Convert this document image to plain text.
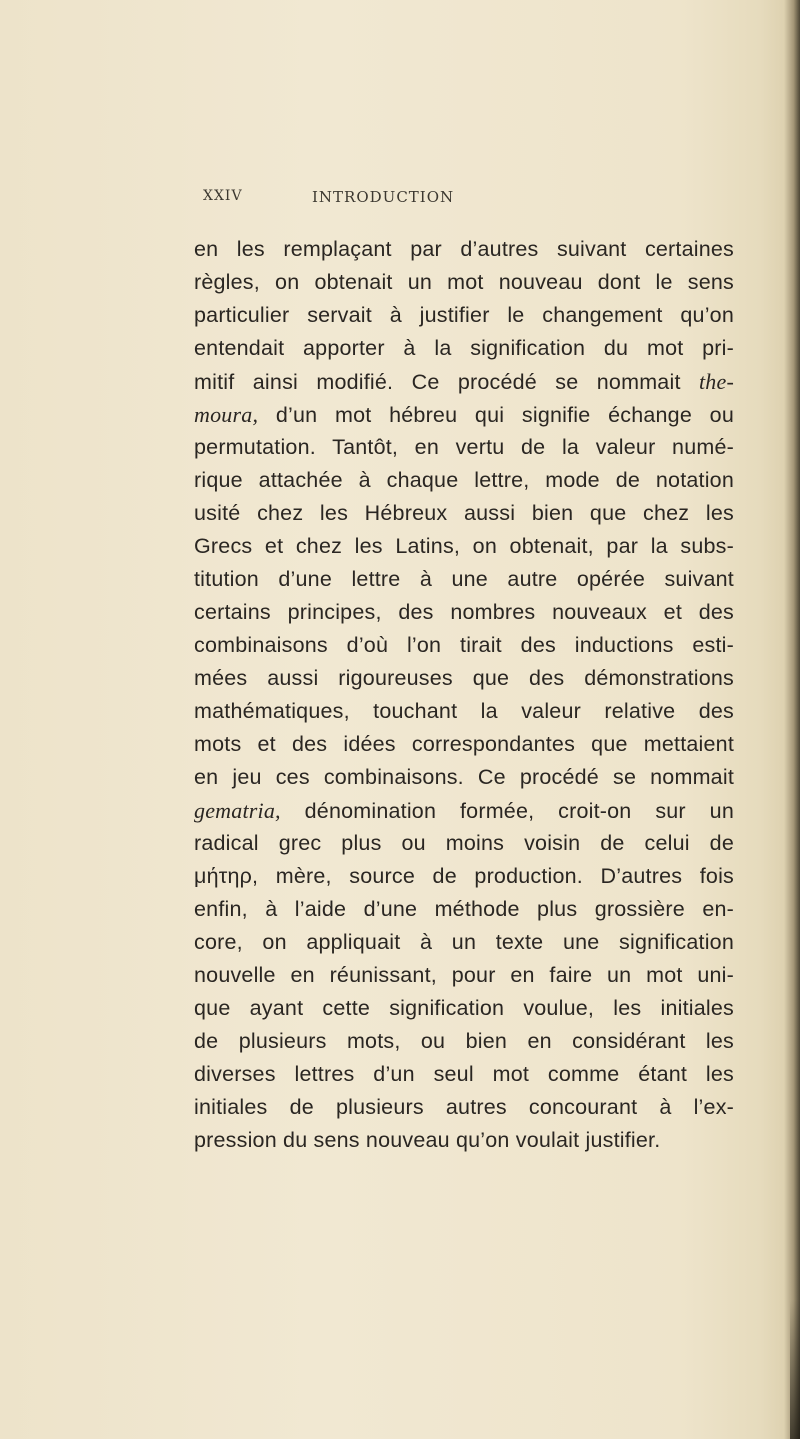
XXIV	INTRODUCTION
en les remplaçant par d’autres suivant certaines
règles, on obtenait un mot nouveau dont le sens
particulier servait à justifier le changement qu’on
entendait apporter à la signification du mot pri-
mitif ainsi modifié. Ce procédé se nommait the-
moura, d’un mot hébreu qui signifie échange ou
permutation. Tantôt, en vertu de la valeur numé-
rique attachée à chaque lettre, mode de notation
usité chez les Hébreux aussi bien que chez les
Grecs et chez les Latins, on obtenait, par la subs-
titution d’une lettre à une autre opérée suivant
certains principes, des nombres nouveaux et des
combinaisons d’où l’on tirait des inductions esti-
mées aussi rigoureuses que des démonstrations
mathématiques, touchant la valeur relative des
mots et des idées correspondantes que mettaient
en jeu ces combinaisons. Ce procédé se nommait
gematria, dénomination formée, croit-on sur un
radical grec plus ou moins voisin de celui de
μήτηρ, mère, source de production. D’autres fois
enfin, à l’aide d’une méthode plus grossière en-
core, on appliquait à un texte une signification
nouvelle en réunissant, pour en faire un mot uni-
que ayant cette signification voulue, les initiales
de plusieurs mots, ou bien en considérant les
diverses lettres d’un seul mot comme étant les
initiales de plusieurs autres concourant à l’ex-
pression du sens nouveau qu’on voulait justifier.
